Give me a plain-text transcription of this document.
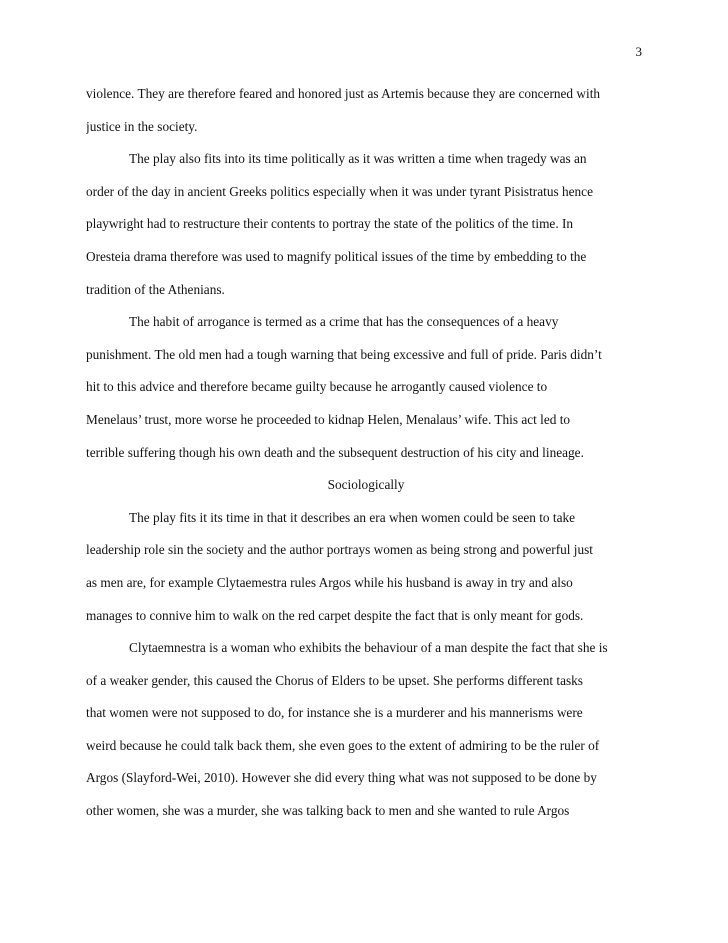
3
violence. They are therefore feared and honored just as Artemis because they are concerned with
justice in the society.
The play also fits into its time politically as it was written a time when tragedy was an
order of the day in ancient Greeks politics especially when it was under tyrant Pisistratus hence
playwright had to restructure their contents to portray the state of the politics of the time. In
Oresteia drama therefore was used to magnify political issues of the time by embedding to the
tradition of the Athenians.
The habit of arrogance is termed as a crime that has the consequences of a heavy
punishment. The old men had a tough warning that being excessive and full of pride. Paris didn’t
hit to this advice and therefore became guilty because he arrogantly caused violence to
Menelaus’ trust, more worse he proceeded to kidnap Helen, Menalaus’ wife. This act led to
terrible suffering though his own death and the subsequent destruction of his city and lineage.
Sociologically
The play fits it its time in that it describes an era when women could be seen to take
leadership role sin the society and the author portrays women as being strong and powerful just
as men are, for example Clytaemestra rules Argos while his husband is away in try and also
manages to connive him to walk on the red carpet despite the fact that is only meant for gods.
Clytaemnestra is a woman who exhibits the behaviour of a man despite the fact that she is
of a weaker gender, this caused the Chorus of Elders to be upset. She performs different tasks
that women were not supposed to do, for instance she is a murderer and his mannerisms were
weird because he could talk back them, she even goes to the extent of admiring to be the ruler of
Argos (Slayford-Wei, 2010). However she did every thing what was not supposed to be done by
other women, she was a murder, she was talking back to men and she wanted to rule Argos
